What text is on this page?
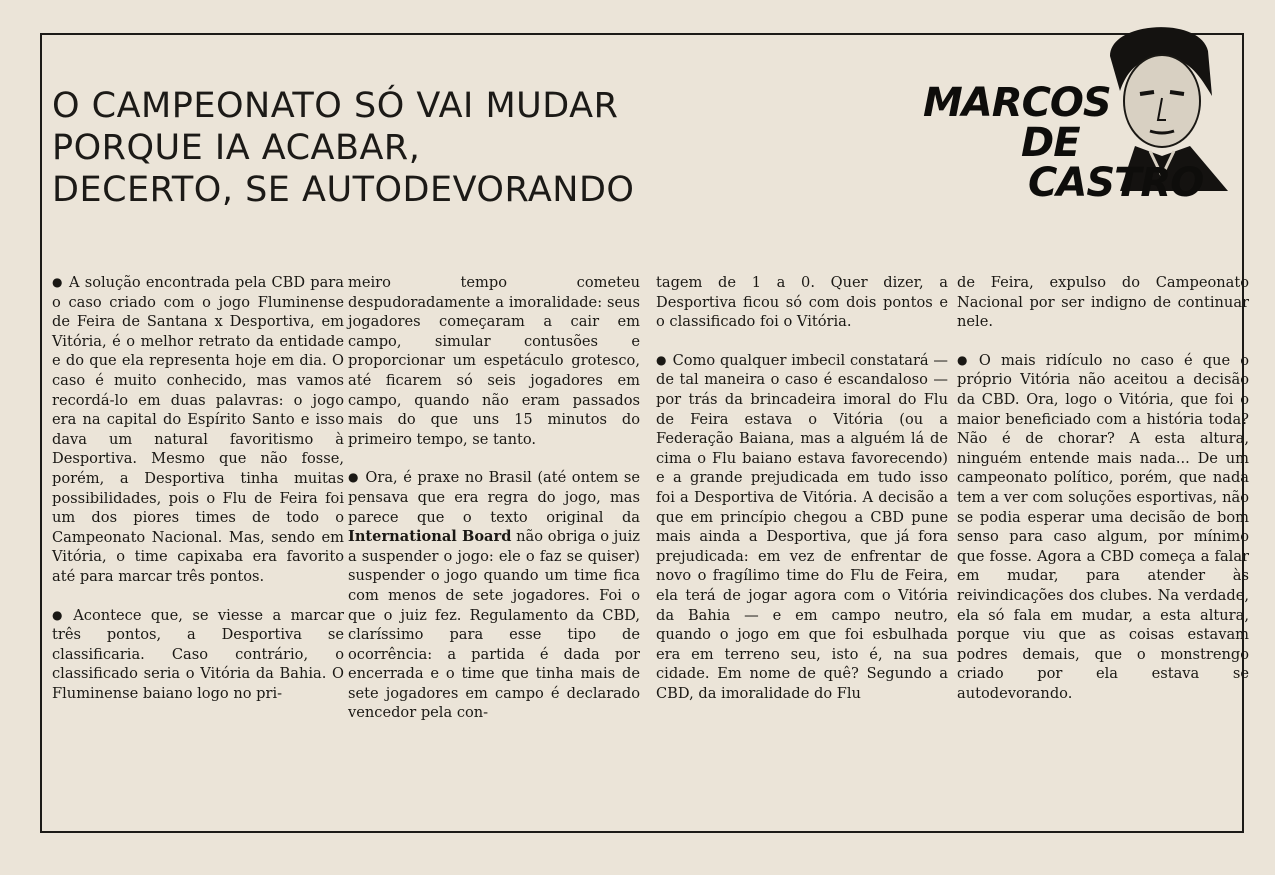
O CAMPEONATO SÓ VAI MUDAR
PORQUE IA ACABAR,
DECERTO, SE AUTODEVORANDO
MARCOS
DE
CASTRO

● A solução encontrada pela CBD para o caso criado com o jogo Fluminense de Feira de Santana x Desportiva, em Vitória, é o melhor retrato da entidade e do que ela representa hoje em dia. O caso é muito conhecido, mas vamos recordá-lo em duas palavras: o jogo era na capital do Espírito Santo e isso dava um natural favoritismo à Desportiva. Mesmo que não fosse, porém, a Desportiva tinha muitas possibilidades, pois o Flu de Feira foi um dos piores times de todo o Campeonato Nacional. Mas, sendo em Vitória, o time capixaba era favorito até para marcar três pontos.

● Acontece que, se viesse a marcar três pontos, a Desportiva se classificaria. Caso contrário, o classificado seria o Vitória da Bahia. O Fluminense baiano logo no pri-

meiro tempo cometeu despudoradamente a imoralidade: seus jogadores começaram a cair em campo, simular contusões e proporcionar um espetáculo grotesco, até ficarem só seis jogadores em campo, quando não eram passados mais do que uns 15 minutos do primeiro tempo, se tanto.

● Ora, é praxe no Brasil (até ontem se pensava que era regra do jogo, mas parece que o texto original da International Board não obriga o juiz a suspender o jogo: ele o faz se quiser) suspender o jogo quando um time fica com menos de sete jogadores. Foi o que o juiz fez. Regulamento da CBD, claríssimo para esse tipo de ocorrência: a partida é dada por encerrada e o time que tinha mais de sete jogadores em campo é declarado vencedor pela con-

tagem de 1 a 0. Quer dizer, a Desportiva ficou só com dois pontos e o classificado foi o Vitória.

● Como qualquer imbecil constatará — de tal maneira o caso é escandaloso — por trás da brincadeira imoral do Flu de Feira estava o Vitória (ou a Federação Baiana, mas a alguém lá de cima o Flu baiano estava favorecendo) e a grande prejudicada em tudo isso foi a Desportiva de Vitória. A decisão a que em princípio chegou a CBD pune mais ainda a Desportiva, que já fora prejudicada: em vez de enfrentar de novo o fragílimo time do Flu de Feira, ela terá de jogar agora com o Vitória da Bahia — e em campo neutro, quando o jogo em que foi esbulhada era em terreno seu, isto é, na sua cidade. Em nome de quê? Segundo a CBD, da imoralidade do Flu

de Feira, expulso do Campeonato Nacional por ser indigno de continuar nele.

● O mais ridículo no caso é que o próprio Vitória não aceitou a decisão da CBD. Ora, logo o Vitória, que foi o maior beneficiado com a história toda? Não é de chorar? A esta altura, ninguém entende mais nada... De um campeonato político, porém, que nada tem a ver com soluções esportivas, não se podia esperar uma decisão de bom senso para caso algum, por mínimo que fosse. Agora a CBD começa a falar em mudar, para atender às reivindicações dos clubes. Na verdade, ela só fala em mudar, a esta altura, porque viu que as coisas estavam podres demais, que o monstrengo criado por ela estava se autodevorando.
